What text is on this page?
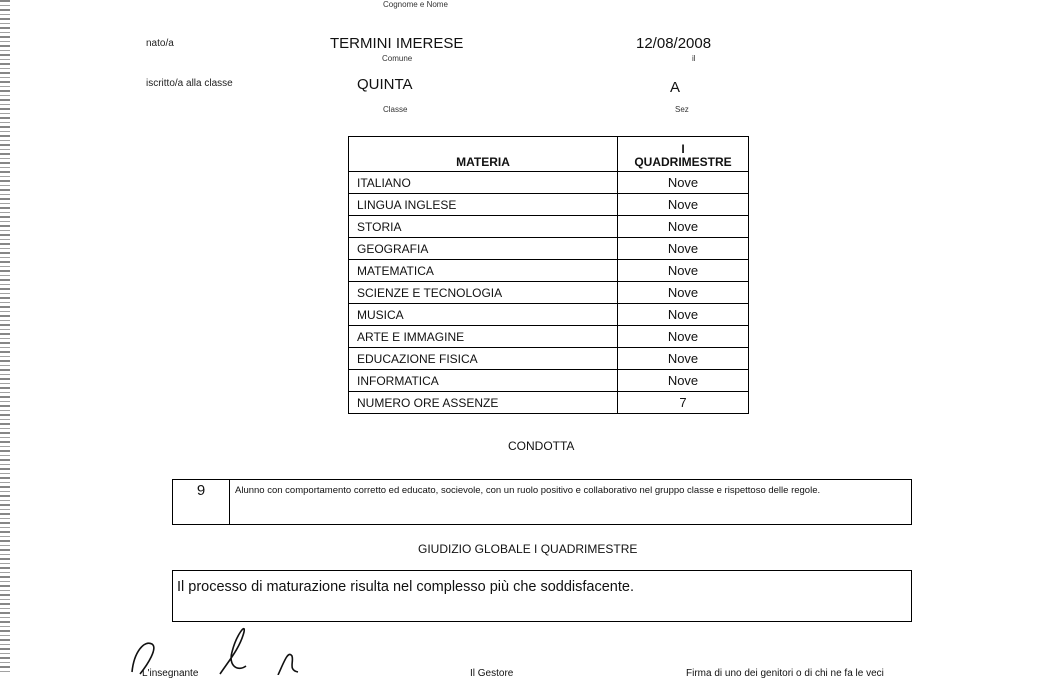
Cognome e Nome
nato/a	TERMINI IMERESE
Comune
12/08/2008
il
iscritto/a alla classe	QUINTA
Classe
A
Sez
MATERIA	I
QUADRIMESTRE

ITALIANO	Nove
LINGUA INGLESE	Nove
STORIA	Nove
GEOGRAFIA	Nove
MATEMATICA	Nove
SCIENZE E TECNOLOGIA	Nove
MUSICA	Nove
ARTE E IMMAGINE	Nove
EDUCAZIONE FISICA	Nove
INFORMATICA	Nove
NUMERO ORE ASSENZE	7
CONDOTTA
9	Alunno con comportamento corretto ed educato, socievole, con un ruolo positivo e collaborativo nel gruppo classe e rispettoso delle regole.
GIUDIZIO GLOBALE I QUADRIMESTRE
Il processo di maturazione risulta nel complesso più che soddisfacente.
L'insegnante	Il Gestore	Firma di uno dei genitori o di chi ne fa le veci
